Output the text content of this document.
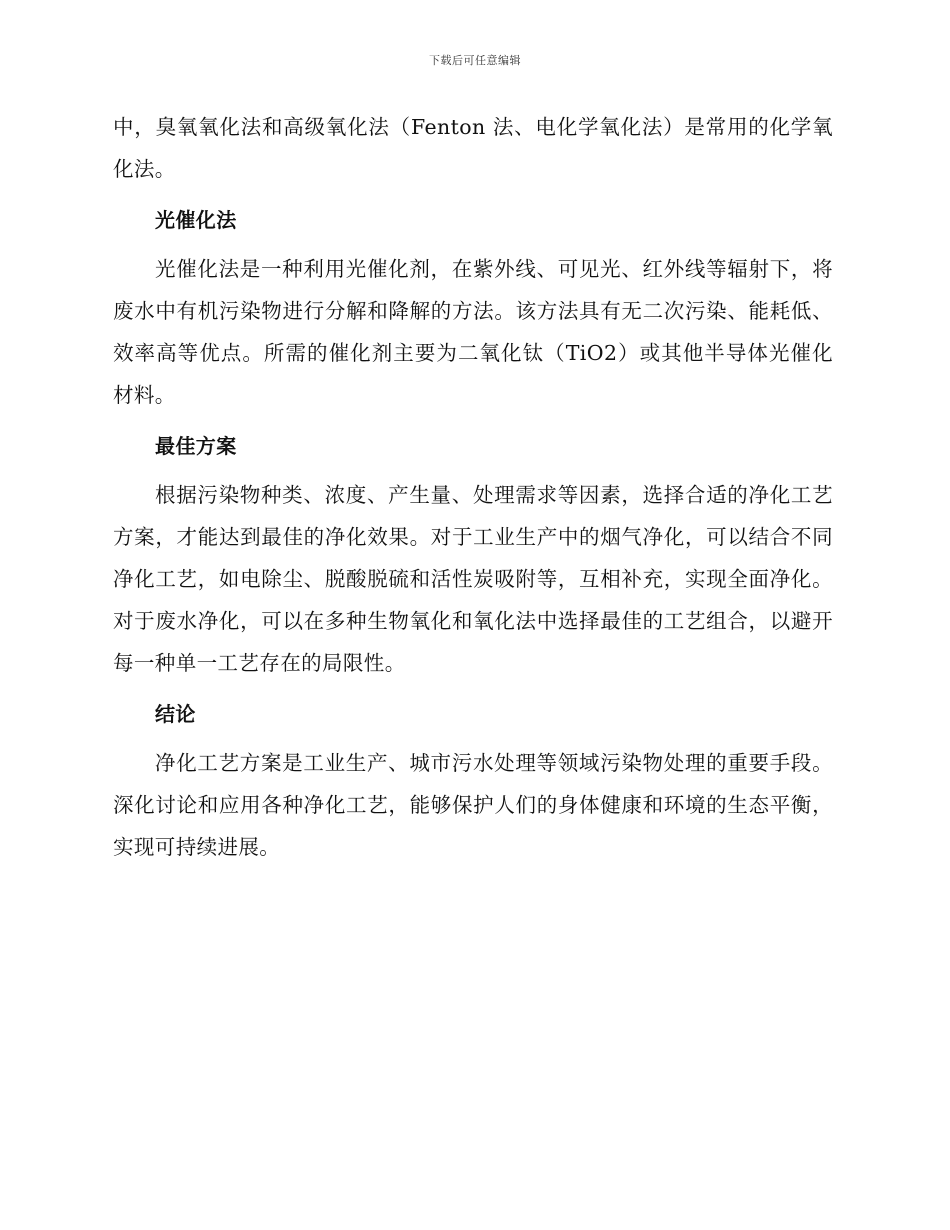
下载后可任意编辑

中，臭氧氧化法和高级氧化法（Fenton 法、电化学氧化法）是常用的化学氧化法。

光催化法

光催化法是一种利用光催化剂，在紫外线、可见光、红外线等辐射下，将废水中有机污染物进行分解和降解的方法。该方法具有无二次污染、能耗低、效率高等优点。所需的催化剂主要为二氧化钛（TiO2）或其他半导体光催化材料。

最佳方案

根据污染物种类、浓度、产生量、处理需求等因素，选择合适的净化工艺方案，才能达到最佳的净化效果。对于工业生产中的烟气净化，可以结合不同净化工艺，如电除尘、脱酸脱硫和活性炭吸附等，互相补充，实现全面净化。对于废水净化，可以在多种生物氧化和氧化法中选择最佳的工艺组合，以避开每一种单一工艺存在的局限性。

结论

净化工艺方案是工业生产、城市污水处理等领域污染物处理的重要手段。深化讨论和应用各种净化工艺，能够保护人们的身体健康和环境的生态平衡，实现可持续进展。
